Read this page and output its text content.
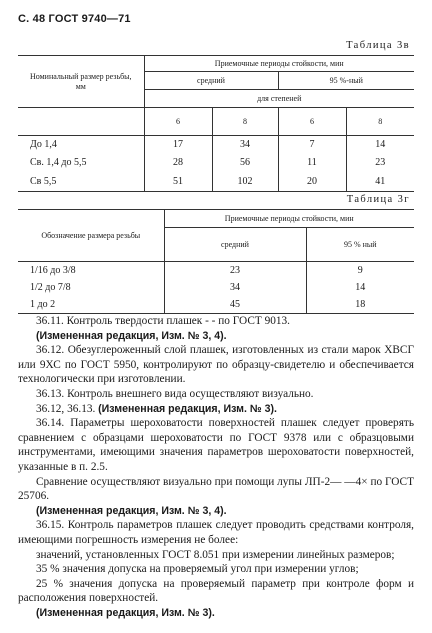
С. 48 ГОСТ 9740—71
Таблица 3в
Номинальный размер резьбы, мм	Приемочные периоды стойкости, мин			
	средний		95 %-ный	
	для степеней			
	6	8	6	8
До 1,4	17	34	7	14
Св. 1,4 до 5,5	28	56	11	23
Св 5,5	51	102	20	41
Таблица 3г
Обозначение размера резьбы	Приемочные периоды стойкости, мин	
	средний	95 % ный
1/16 до 3/8	23	9
1/2 до 7/8	34	14
1 до 2	45	18

36.11. Контроль твердости плашек - - по ГОСТ 9013.

(Измененная редакция, Изм. № 3, 4).

36.12. Обезуглероженный слой плашек, изготовленных из стали марок ХВСГ или 9ХС по ГОСТ 5950, контролируют по образцу-свидетелю и обеспечивается технологически при изготовлении.

36.13. Контроль внешнего вида осуществляют визуально.

36.12, 36.13. (Измененная редакция, Изм. № 3).

36.14. Параметры шероховатости поверхностей плашек следует проверять сравнением с образцами шероховатости по ГОСТ 9378 или с образцовыми инструментами, имеющими значения параметров шероховатости поверхностей, указанные в п. 2.5.

Сравнение осуществляют визуально при помощи лупы ЛП-2— —4× по ГОСТ 25706.

(Измененная редакция, Изм. № 3, 4).

36.15. Контроль параметров плашек следует проводить средствами контроля, имеющими погрешность измерения не более:

значений, установленных ГОСТ 8.051 при измерении линейных размеров;

35 % значения допуска на проверяемый угол при измерении углов;

25 % значения допуска на проверяемый параметр при контроле форм и расположения поверхностей.

(Измененная редакция, Изм. № 3).
